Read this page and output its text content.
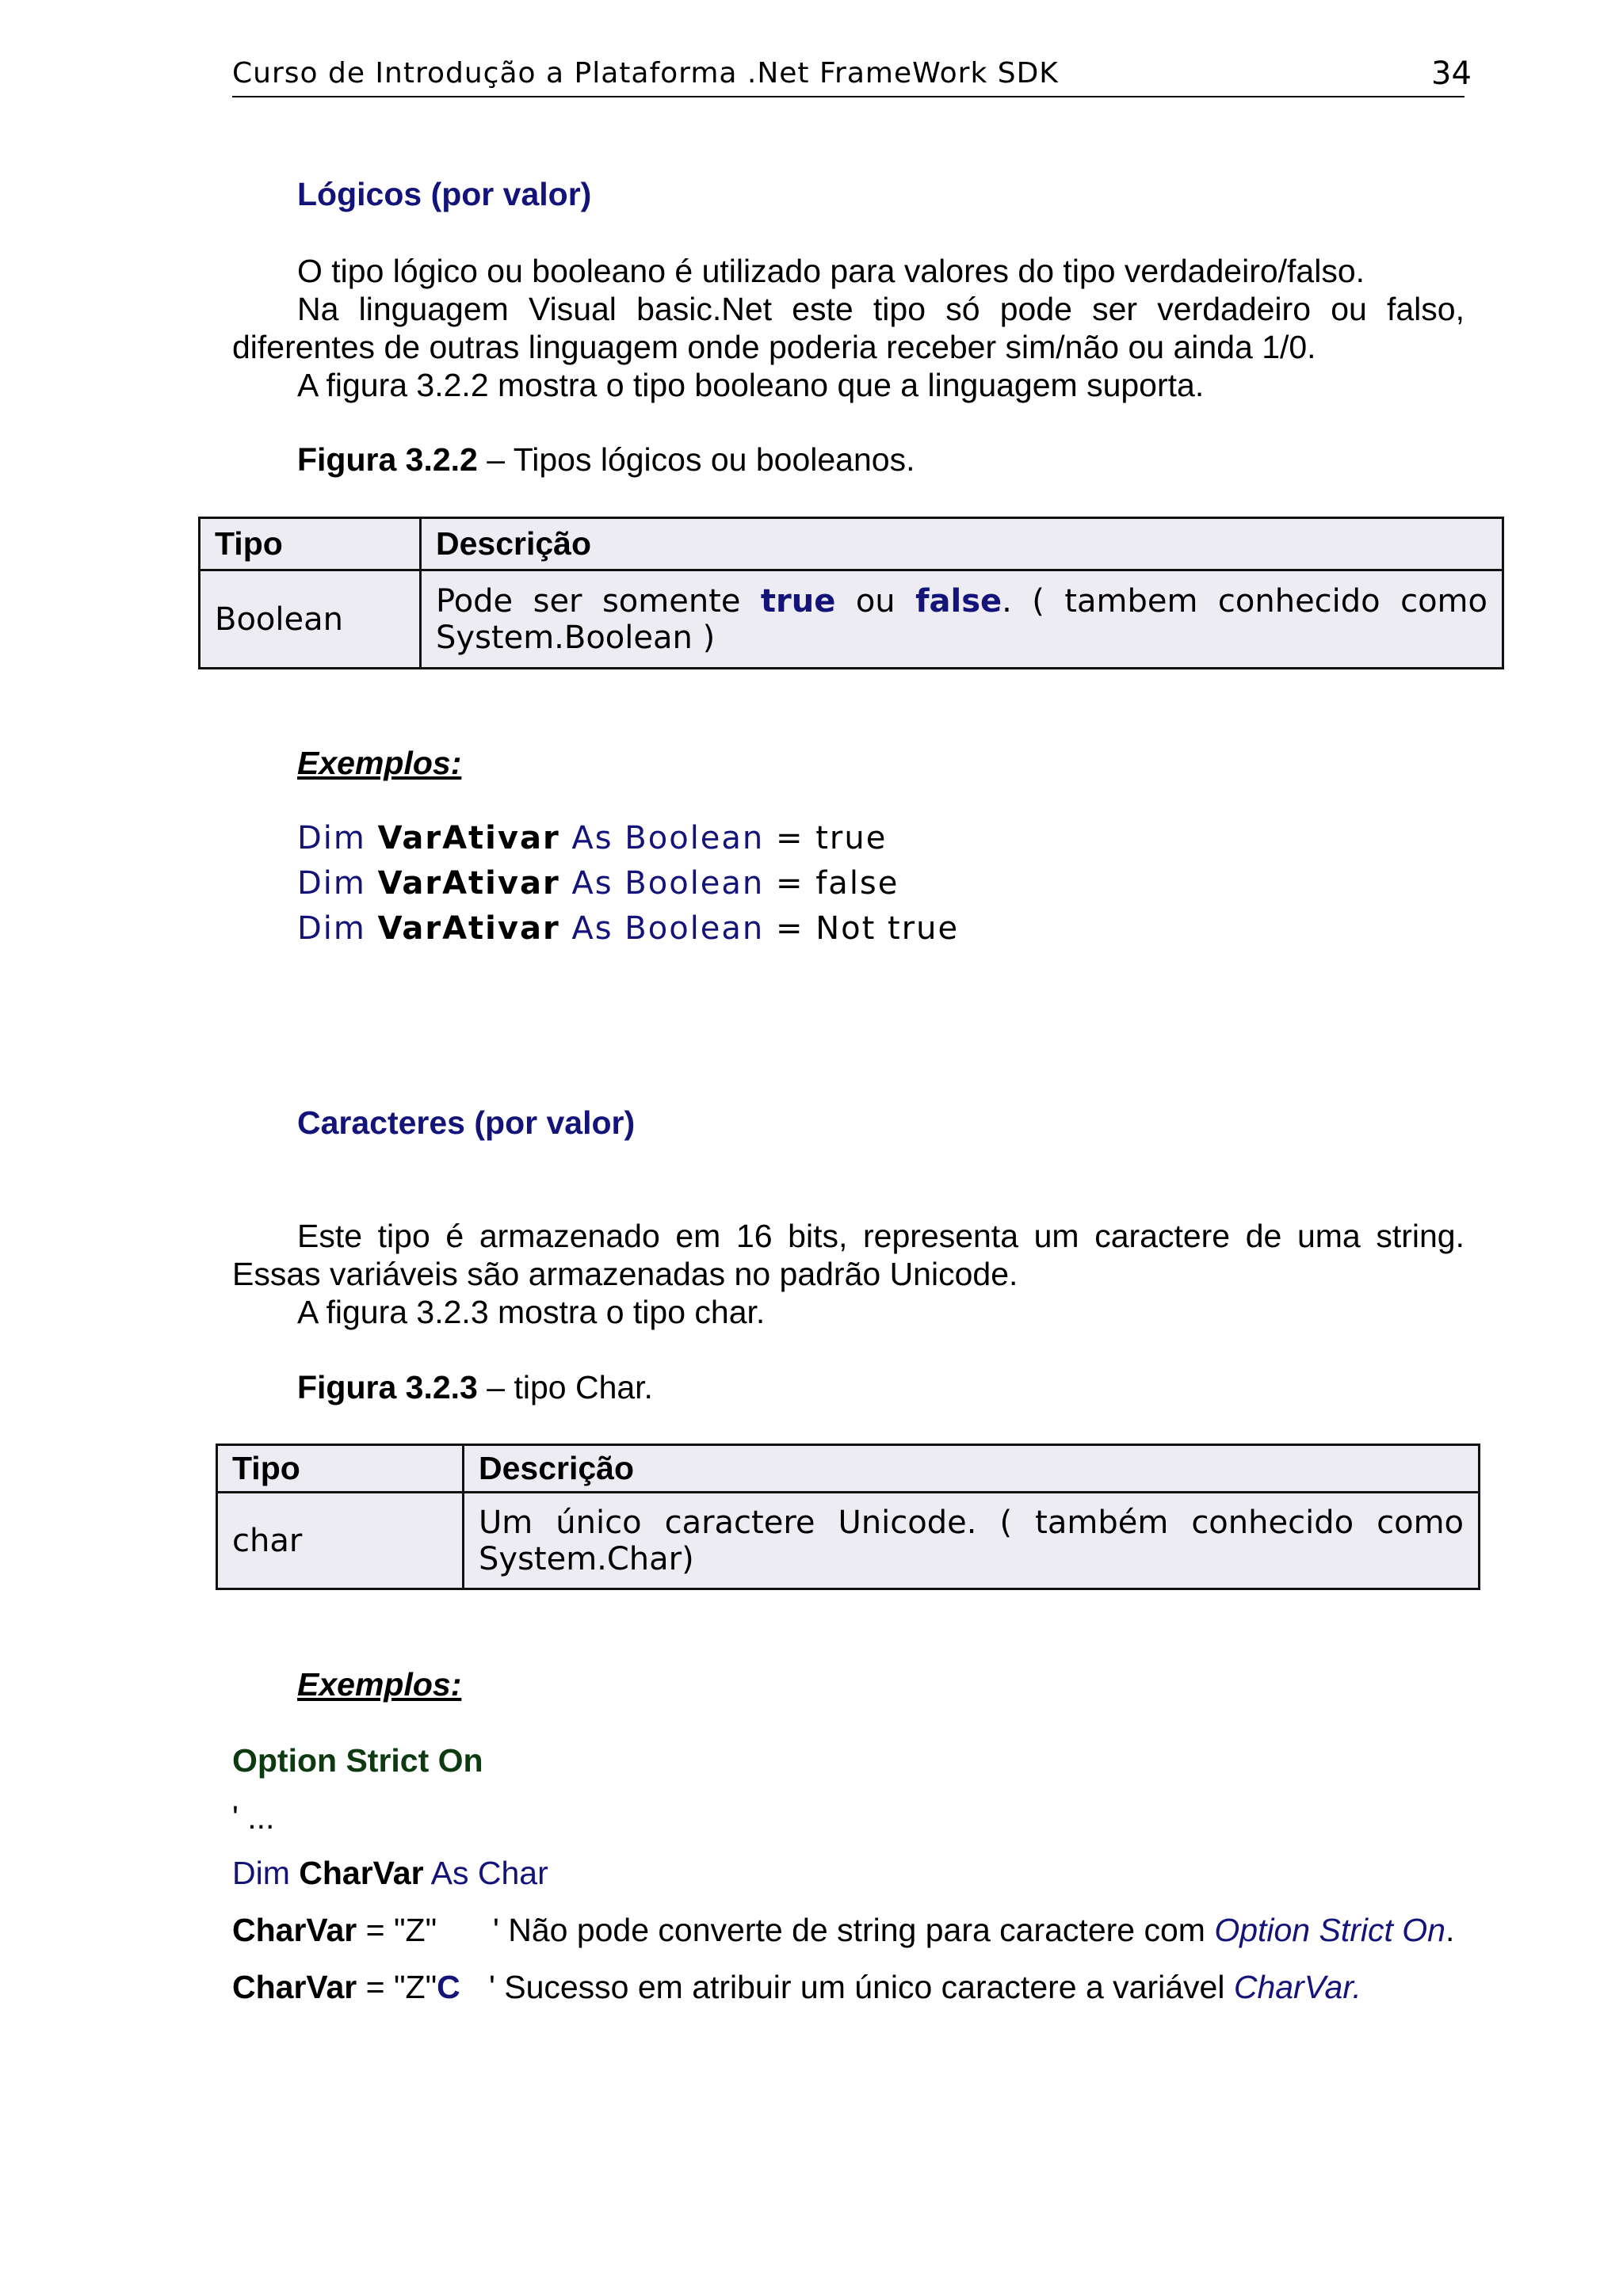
Curso de Introdução a Plataforma .Net FrameWork SDK	34
Lógicos (por valor)
O tipo lógico ou booleano é utilizado para valores do tipo verdadeiro/falso.
Na linguagem Visual basic.Net este tipo só pode ser verdadeiro ou falso,
diferentes de outras linguagem onde poderia receber sim/não ou ainda 1/0.
A figura 3.2.2 mostra o tipo booleano que a linguagem suporta.
Figura 3.2.2 – Tipos lógicos ou booleanos.
Tipo	Descrição
Boolean	Pode ser somente true ou false. ( tambem conhecido como
System.Boolean )
Exemplos:
Dim VarAtivar As Boolean = true
Dim VarAtivar As Boolean = false
Dim VarAtivar As Boolean = Not true
Caracteres (por valor)
Este tipo é armazenado em 16 bits, representa um caractere de uma string.
Essas variáveis são armazenadas no padrão Unicode.
A figura 3.2.3 mostra o tipo char.
Figura 3.2.3 – tipo Char.
Tipo	Descrição
char	Um único caractere Unicode. ( também conhecido como
System.Char)
Exemplos:
Option Strict On
' ...
Dim CharVar As Char
CharVar = "Z" ' Não pode converte de string para caractere com Option Strict On.
CharVar = "Z"C ' Sucesso em atribuir um único caractere a variável CharVar.
